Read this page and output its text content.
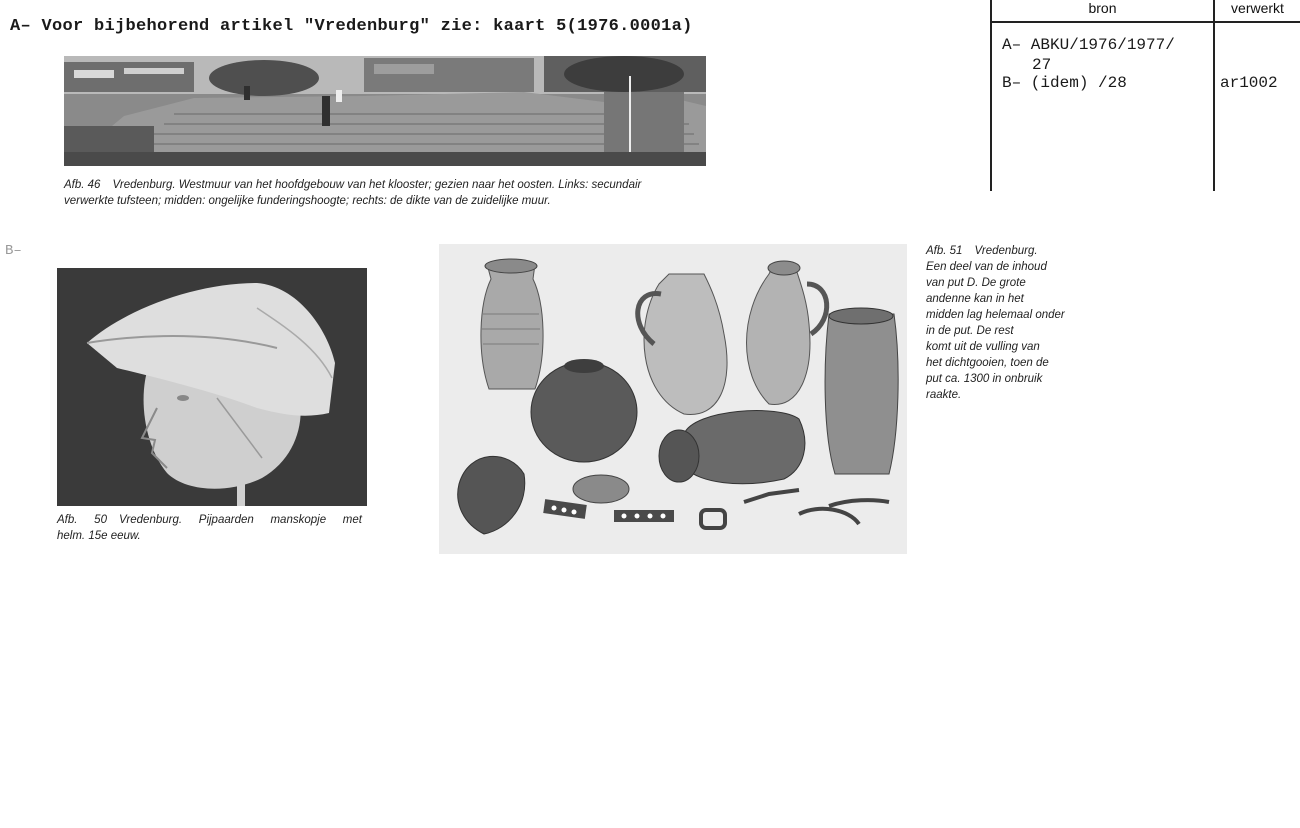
A– Voor bijbehorend artikel "Vredenburg" zie: kaart 5(1976.0001a)
bron	verwerkt
A– ABKU/1976/1977/
27
B– (idem) /28	ar1002
Afb. 46 Vredenburg. Westmuur van het hoofdgebouw van het klooster; gezien naar het oosten. Links: secundair
verwerkte tufsteen; midden: ongelijke funderingshoogte; rechts: de dikte van de zuidelijke muur.
B–
Afb. 50 Vredenburg. Pijpaarden manskopje met
helm. 15e eeuw.
Afb. 51 Vredenburg.
Een deel van de inhoud
van put D. De grote
andenne kan in het
midden lag helemaal onder
in de put. De rest
komt uit de vulling van
het dichtgooien, toen de
put ca. 1300 in onbruik
raakte.
